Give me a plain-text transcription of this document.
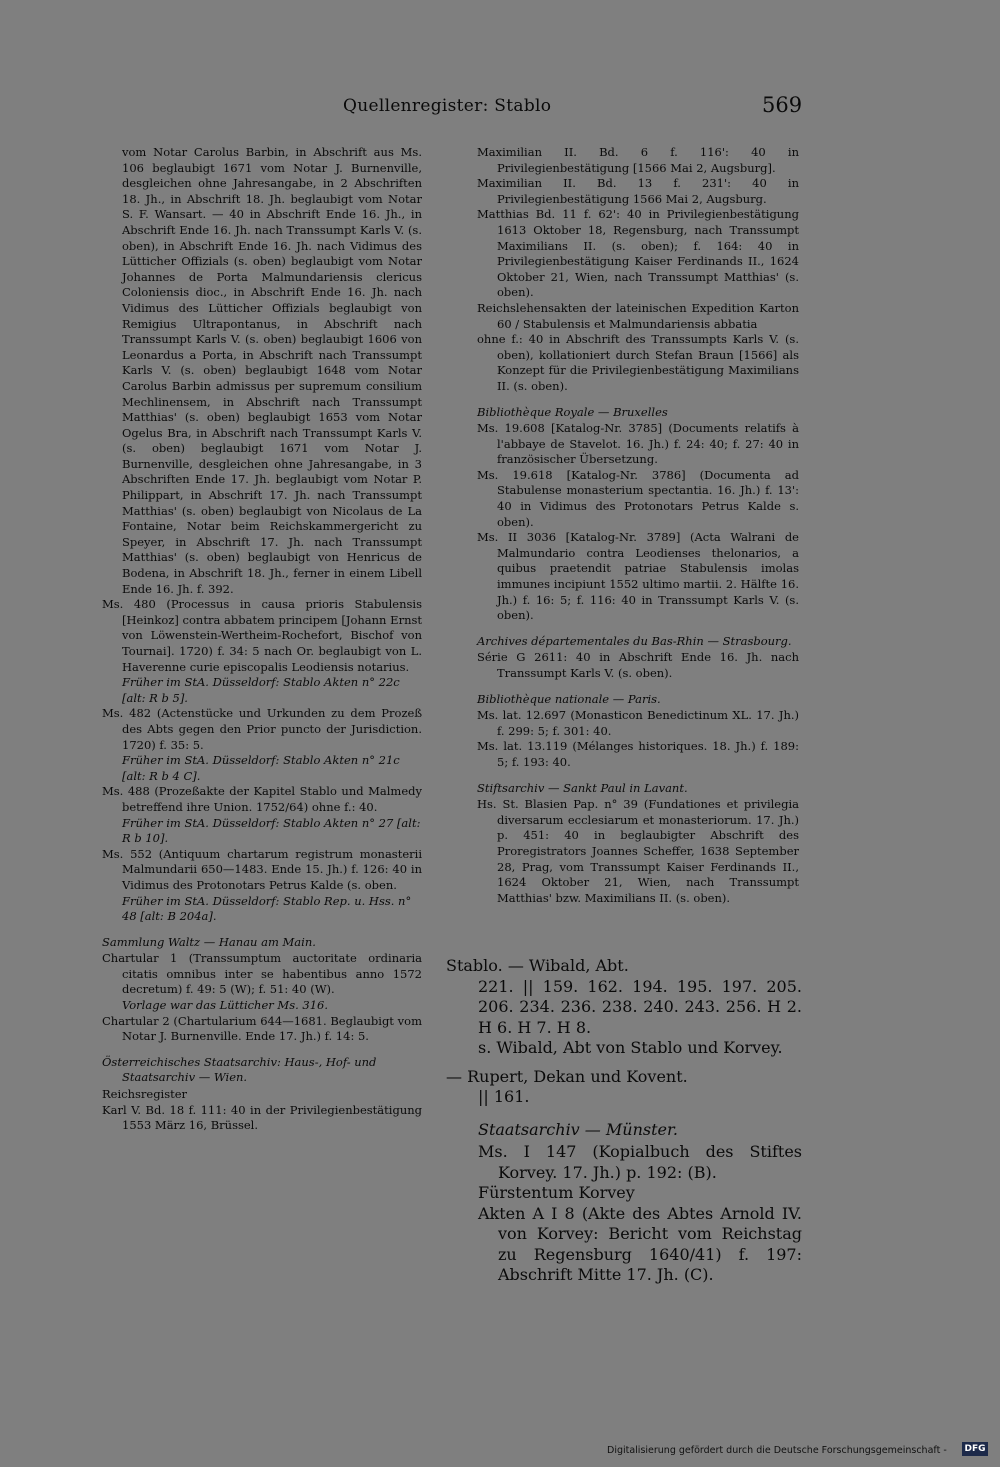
Quellenregister: Stablo	569

vom Notar Carolus Barbin, in Abschrift aus Ms. 106 beglaubigt 1671 vom Notar J. Burnenville, desgleichen ohne Jahresangabe, in 2 Abschriften 18. Jh., in Abschrift 18. Jh. beglaubigt vom Notar S. F. Wansart. — 40 in Abschrift Ende 16. Jh., in Abschrift Ende 16. Jh. nach Transsumpt Karls V. (s. oben), in Abschrift Ende 16. Jh. nach Vidimus des Lütticher Offizials (s. oben) beglaubigt vom Notar Johannes de Porta Malmundariensis clericus Coloniensis dioc., in Abschrift Ende 16. Jh. nach Vidimus des Lütticher Offizials beglaubigt von Remigius Ultrapontanus, in Abschrift nach Transsumpt Karls V. (s. oben) beglaubigt 1606 von Leonardus a Porta, in Abschrift nach Transsumpt Karls V. (s. oben) beglaubigt 1648 vom Notar Carolus Barbin admissus per supremum consilium Mechlinensem, in Abschrift nach Transsumpt Matthias' (s. oben) beglaubigt 1653 vom Notar Ogelus Bra, in Abschrift nach Transsumpt Karls V. (s. oben) beglaubigt 1671 vom Notar J. Burnenville, desgleichen ohne Jahresangabe, in 3 Abschriften Ende 17. Jh. beglaubigt vom Notar P. Philippart, in Abschrift 17. Jh. nach Transsumpt Matthias' (s. oben) beglaubigt von Nicolaus de La Fontaine, Notar beim Reichskammergericht zu Speyer, in Abschrift 17. Jh. nach Transsumpt Matthias' (s. oben) beglaubigt von Henricus de Bodena, in Abschrift 18. Jh., ferner in einem Libell Ende 16. Jh. f. 392.

Ms. 480 (Processus in causa prioris Stabulensis [Heinkoz] contra abbatem principem [Johann Ernst von Löwenstein-Wertheim-Rochefort, Bischof von Tournai]. 1720) f. 34: 5 nach Or. beglaubigt von L. Haverenne curie episcopalis Leodiensis notarius.

Früher im StA. Düsseldorf: Stablo Akten n° 22c [alt: R b 5].

Ms. 482 (Actenstücke und Urkunden zu dem Prozeß des Abts gegen den Prior puncto der Jurisdiction. 1720) f. 35: 5.

Früher im StA. Düsseldorf: Stablo Akten n° 21c [alt: R b 4 C].

Ms. 488 (Prozeßakte der Kapitel Stablo und Malmedy betreffend ihre Union. 1752/64) ohne f.: 40.

Früher im StA. Düsseldorf: Stablo Akten n° 27 [alt: R b 10].

Ms. 552 (Antiquum chartarum registrum monasterii Malmundarii 650—1483. Ende 15. Jh.) f. 126: 40 in Vidimus des Protonotars Petrus Kalde (s. oben.

Früher im StA. Düsseldorf: Stablo Rep. u. Hss. n° 48 [alt: B 204a].

Sammlung Waltz — Hanau am Main.

Chartular 1 (Transsumptum auctoritate ordinaria citatis omnibus inter se habentibus anno 1572 decretum) f. 49: 5 (W); f. 51: 40 (W).

Vorlage war das Lütticher Ms. 316.

Chartular 2 (Chartularium 644—1681. Beglaubigt vom Notar J. Burnenville. Ende 17. Jh.) f. 14: 5.

Österreichisches Staatsarchiv: Haus-, Hof- und Staatsarchiv — Wien.

Reichsregister

Karl V. Bd. 18 f. 111: 40 in der Privilegienbestätigung 1553 März 16, Brüssel.

Maximilian II. Bd. 6 f. 116': 40 in Privilegienbestätigung [1566 Mai 2, Augsburg].

Maximilian II. Bd. 13 f. 231': 40 in Privilegienbestätigung 1566 Mai 2, Augsburg.

Matthias Bd. 11 f. 62': 40 in Privilegienbestätigung 1613 Oktober 18, Regensburg, nach Transsumpt Maximilians II. (s. oben); f. 164: 40 in Privilegienbestätigung Kaiser Ferdinands II., 1624 Oktober 21, Wien, nach Transsumpt Matthias' (s. oben).

Reichslehensakten der lateinischen Expedition Karton 60 / Stabulensis et Malmundariensis abbatia

ohne f.: 40 in Abschrift des Transsumpts Karls V. (s. oben), kollationiert durch Stefan Braun [1566] als Konzept für die Privilegienbestätigung Maximilians II. (s. oben).

Bibliothèque Royale — Bruxelles

Ms. 19.608 [Katalog-Nr. 3785] (Documents relatifs à l'abbaye de Stavelot. 16. Jh.) f. 24: 40; f. 27: 40 in französischer Übersetzung.

Ms. 19.618 [Katalog-Nr. 3786] (Documenta ad Stabulense monasterium spectantia. 16. Jh.) f. 13': 40 in Vidimus des Protonotars Petrus Kalde s. oben).

Ms. II 3036 [Katalog-Nr. 3789] (Acta Walrani de Malmundario contra Leodienses thelonarios, a quibus praetendit patriae Stabulensis imolas immunes incipiunt 1552 ultimo martii. 2. Hälfte 16. Jh.) f. 16: 5; f. 116: 40 in Transsumpt Karls V. (s. oben).

Archives départementales du Bas-Rhin — Strasbourg.

Série G 2611: 40 in Abschrift Ende 16. Jh. nach Transsumpt Karls V. (s. oben).

Bibliothèque nationale — Paris.

Ms. lat. 12.697 (Monasticon Benedictinum XL. 17. Jh.) f. 299: 5; f. 301: 40.

Ms. lat. 13.119 (Mélanges historiques. 18. Jh.) f. 189: 5; f. 193: 40.

Stiftsarchiv — Sankt Paul in Lavant.

Hs. St. Blasien Pap. n° 39 (Fundationes et privilegia diversarum ecclesiarum et monasteriorum. 17. Jh.) p. 451: 40 in beglaubigter Abschrift des Proregistrators Joannes Scheffer, 1638 September 28, Prag, vom Transsumpt Kaiser Ferdinands II., 1624 Oktober 21, Wien, nach Transsumpt Matthias' bzw. Maximilians II. (s. oben).

Stablo. — Wibald, Abt.

221. || 159. 162. 194. 195. 197. 205. 206. 234. 236. 238. 240. 243. 256. H 2. H 6. H 7. H 8.

s. Wibald, Abt von Stablo und Korvey.

— Rupert, Dekan und Kovent.

|| 161.

Staatsarchiv — Münster.

Ms. I 147 (Kopialbuch des Stiftes Korvey. 17. Jh.) p. 192: (B).

Fürstentum Korvey

Akten A I 8 (Akte des Abtes Arnold IV. von Korvey: Bericht vom Reichstag zu Regensburg 1640/41) f. 197: Abschrift Mitte 17. Jh. (C).

Digitalisierung gefördert durch die Deutsche Forschungsgemeinschaft - DFG
